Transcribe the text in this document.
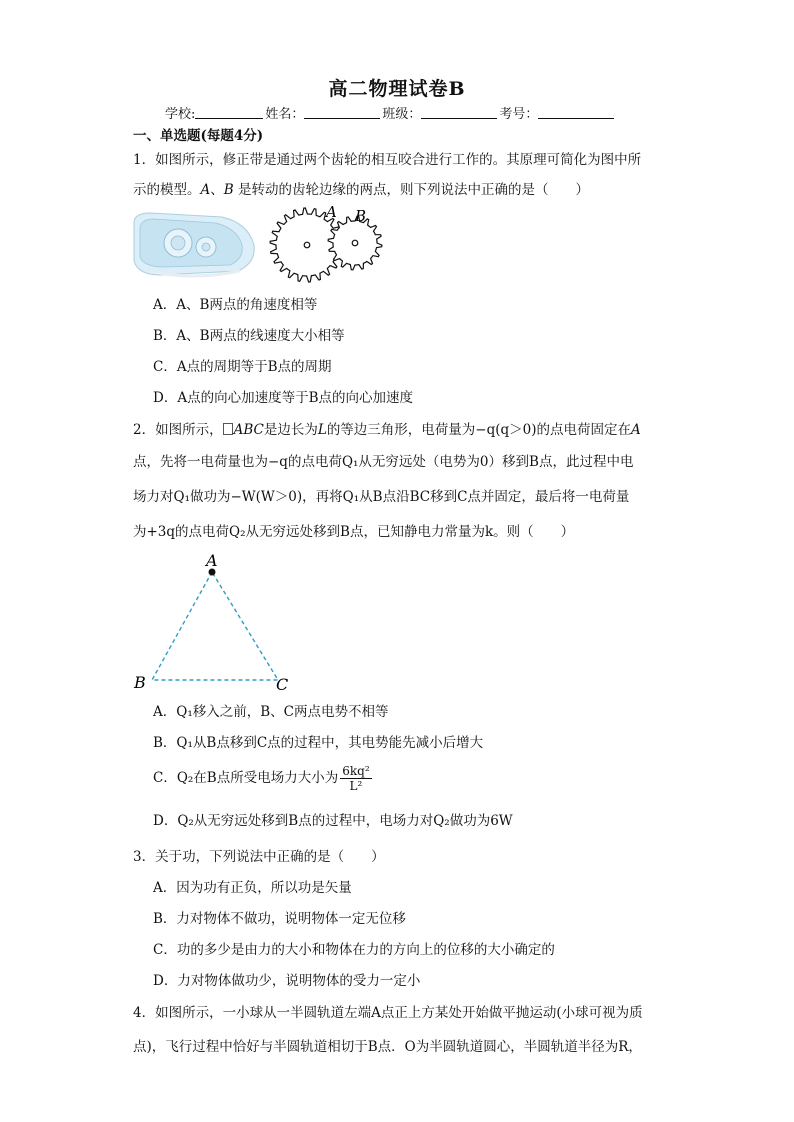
高二物理试卷B
学校:	姓名：	班级：	考号：
一、单选题(每题4分)
1．如图所示，修正带是通过两个齿轮的相互咬合进行工作的。其原理可简化为图中所
示的模型。A、B 是转动的齿轮边缘的两点，则下列说法中正确的是（　　）
A B
A．A、B两点的角速度相等
B．A、B两点的线速度大小相等
C．A点的周期等于B点的周期
D．A点的向心加速度等于B点的向心加速度
2．如图所示， ABC是边长为L的等边三角形，电荷量为−q(q＞0)的点电荷固定在A
点，先将一电荷量也为−q的点电荷Q₁从无穷远处（电势为0）移到B点，此过程中电
场力对Q₁做功为−W(W＞0)，再将Q₁从B点沿BC移到C点并固定，最后将一电荷量
为+3q的点电荷Q₂从无穷远处移到B点，已知静电力常量为k。则（　　）
A
B	C
A．Q₁移入之前，B、C两点电势不相等
B．Q₁从B点移到C点的过程中，其电势能先减小后增大
C．Q₂在B点所受电场力大小为 $\frac{\text{6kq²}}{\text{L²}}$
D．Q₂从无穷远处移到B点的过程中，电场力对Q₂做功为6W
3．关于功，下列说法中正确的是（　　）
A．因为功有正负，所以功是矢量
B．力对物体不做功，说明物体一定无位移
C．功的多少是由力的大小和物体在力的方向上的位移的大小确定的
D．力对物体做功少，说明物体的受力一定小
4．如图所示，一小球从一半圆轨道左端A点正上方某处开始做平抛运动(小球可视为质
点)，飞行过程中恰好与半圆轨道相切于B点．O为半圆轨道圆心，半圆轨道半径为R，
